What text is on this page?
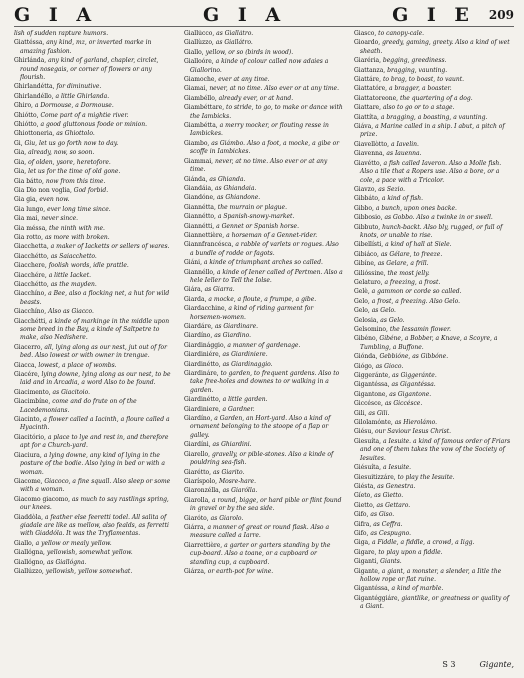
G I A	G I A	G I E 209
lish of sudden rapture humors.
Giattéssa, any kind, mz, or inverted marke in amazing fashion.
Ghirlánda, any kind of garland, chapler, circlet, round nosegais, or corner of flowers or any flourish.
Ghirlandétta, for diminutive.
Ghirlandéllo, a little Ghirlanda.
Ghiro, a Dormouse, a Dormouse.
Ghiótto, Come part of a mightie river.
Ghiótto, a good gluttonous foode or minion.
Ghiottoneria, as Ghiottolo.
Gi, Giu, let us go forth now to day.
Gia, already, now, so soon.
Gia, of olden, ysore, heretofore.
Gia, let us for the time of old gone.
Gia bátto, now from this time.
Gia Dio non voglia, God forbid.
Gia gia, even now.
Gia lungo, ever long time since.
Gia mai, never since.
Gia méssa, the ninth with me.
Gia rotto, as more with broken.
Giacchetta, a maker of Iacketts or sellers of wares.
Giacchétto, as Saiacchetto.
Giacchere, foolish words, idle prattle.
Giacchére, a little Iacket.
Giacchétto, as the mayden.
Giacchíno, a Bee, also a flocking net, a hut for wild beasts.
Giacchíno, Also as Giacco.
Giacchétti, a kinde of markinge in the middle upon some breed in the Bay, a kinde of Saltpetre to make, also Nedishere.
Giacerro, all, lying along as our nest, jut out of for bed. Also lowest or with owner in trengue.
Giacca, lowest, a place of wombs.
Giacére, lying downe, lying along as our nest, to be laid and in Arcadia, a word Also to be found.
Giacimento, as Giacitoio.
Giacimbíne, come and do frute on of the Lacedemonians.
Giacinto, a flower called a Iacinth, a floure called a Hyacinth.
Giacitório, a place to lye and rest in, and therefore apt for a Church-yard.
Giaciura, a lying downe, any kind of lying in the posture of the bodie. Also lying in bed or with a woman.
Giacome, Giacoco, a fine squall. Also sleep or some with a woman.
Giacomo giacomo, as much to say rastlings spring, our knees.
Giaddòla, a feather else feeretti todel. All salita of giadale are like as mellow, also fealds, as ferretti with Giaddóla. It was the Tryflamentas.
Giallo, a yellow or mealy yellow.
Giallógna, yellowish, somewhat yellow.
Giallógno, as Giallógna.
Giallúzzo, yellowish, yellow somewhat.
Giallúcco, as Giallátro.
Giallùzzo, as Giallátro.
Giallo, yellow, or so (birds in wood).
Gialloóre, a kinde of colour called now adaies a Giallorino.
Giamoche, ever at any time.
Giamai, never, at no time. Also ever or at any time.
Giambéllo, already ever, or at hand.
Giambéttare, to stride, to go, to make or dance with the Iambicks.
Giambétta, a merry mocker, or flouting resse in Iambickes.
Giambo, as Giámbo. Also a foot, a mocke, a gibe or scoffe in Iambickes.
Giammai, never, at no time. Also ever or at any time.
Giánda, as Ghianda.
Giandáia, as Ghiandaia.
Giandóne, as Ghiandone.
Giannétta, the murrain or plague.
Giannétto, a Spanish-snowy-market.
Giannétti, a Gennet or Spanish horse.
Giannettière, a horseman of a Gennet-rider.
Giannfrancésca, a rabble of varlets or rogues. Also a bundle of rodde or fagots.
Giáni, a kinde of triumphant arches so called.
Giannéllo, a kinde of Iener called of Pertmen. Also a hele Ieller to Tell the Iolse.
Giára, as Giarra.
Giarda, a mocke, a floute, a frumpe, a gibe.
Giardacchine, a kind of riding garment for horsemen-women.
Giardáre, as Giardinare.
Giardíno, as Giardino.
Giardinággio, a manner of gardenage.
Giardiniére, as Giardiniere.
Giardinétto, as Giardinaggio.
Giardináre, to garden, to frequent gardens. Also to take free-holes and downes to or walking in a garden.
Giardinétto, a little garden.
Giardiniere, a Gardner.
Giardíno, a Garden, an Hort-yard. Also a kind of ornament belonging to the stoope of a flap or galley.
Giardíni, as Ghiardini.
Giarello, gravelly, or pible-stones. Also a kinde of pouldring sea-fish.
Giarétto, as Giarito.
Giaríspolo, Mosre-hare.
Giaronzélla, as Giarólla.
Giarolla, a round, bigge, or hard pible or flint found in gravel or by the sea side.
Giaróto, as Giarolo.
Giárra, a manner of great or round flask. Also a measure called a Iarre.
Giarrettière, a garter or garters standing by the cup-board. Also a toane, or a cupboard or standing cup, a cupboard.
Giárza, or earth-pot for wine.
Giasco, to canopy-cale.
Gioardo, greedy, gaming, greety. Also a kind of wet sheath.
Giaréria, begging, greediness.
Giattanza, bragging, vaunting.
Giattáre, to brag, to boast, to vaunt.
Giattatóre, a bragger, a boaster.
Giattatoreone, the quartering of a dog.
Giattare, also to go or to a stage.
Giattíta, a bragging, a boasting, a vaunting.
Giáva, a Marine called in a ship. I abut, a pitch of prize.
Giavellòtto, a Iavelin.
Giavenna, as Iauenna.
Giavétto, a fish called Iaveron. Also a Molle fish. Also a tile that a Ropers use. Also a bore, or a cole, a pace with a Tricolor.
Giavzo, as Sezio.
Gibbáto, a kind of fish.
Gibbo, a bunch, upon ones backe.
Gibbosio, as Gobbo. Also a twinke in or swell.
Gibbuto, hunch-backt. Also bly, rugged, or full of knots, or unable to rise.
Gibellísti, a kind of hall at Siele.
Gibiáco, as Gélare, to freeze.
Gibíne, as Gelare, a frill.
Gilióssine, the most jelly.
Gelaturo, a freezing, a frost.
Gelè, a gammon or corde so called.
Gelo, a frost, a freezing. Also Gelo.
Gelo, as Gelo.
Gelosia, as Gelo.
Gelsomino, the Iessamin flower.
Gibéno, Gibéne, a Bobber, a Knave, a Scoyre, a Tumbling, a Buffone.
Giónda, Gebbióne, as Gibbóne.
Giógo, as Gioco.
Giggeránte, as Giggeránte.
Gigantéssa, as Gigantéssa.
Gigantone, as Gigantone.
Giccésce, as Giccésce.
Gili, as Gili.
Gilolamónte, as Hierolámo.
Giésu, our Saviour Iesus Christ.
Giesuíta, a Iesuite. a kind of famous order of Friars and one of them takes the vow of the Society of Iesuites.
Giésuíta, a Iesuite.
Giesuitizzáre, to play the Iesuite.
Giésta, as Genestra.
Gíeto, as Gietto.
Gietto, as Gettaro.
Gifo, as Giso.
Gifra, as Ceffra.
Gifo, as Cespugno.
Giga, a Fiddle, a fiddle, a crowd, a Iigg.
Gigare, to play upon a fiddle.
Giganti, Giants.
Gigante, a giant, a monster, a slender, a Iitle the hollow rope or flat ruine.
Gigantéssa, a kind of marble.
Gigantéggiáre, giantlike, or greatness or quality of a Giant.
S 3	Gigante,
